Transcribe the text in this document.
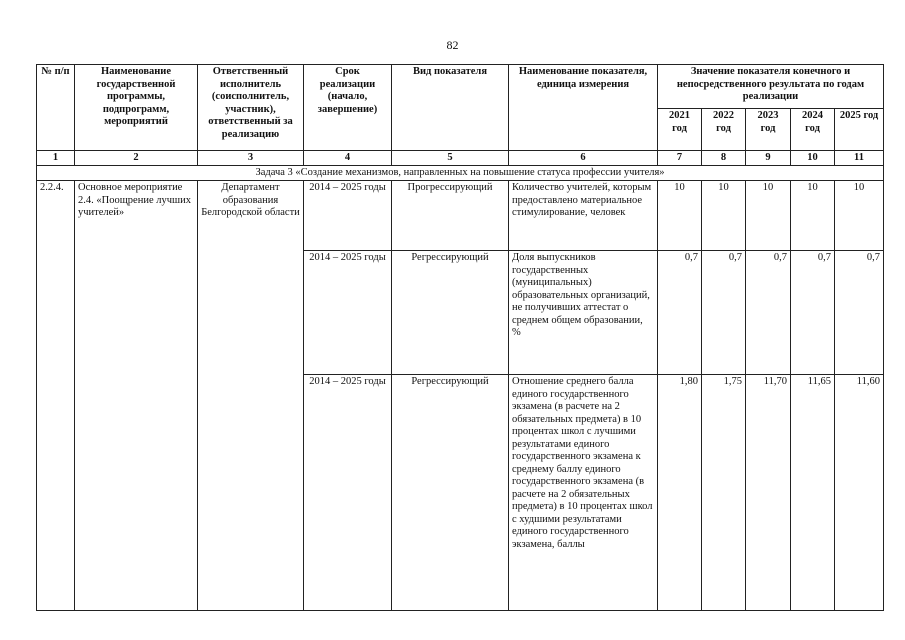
82
№ п/п	Наименование государственной программы, подпрограмм, мероприятий	Ответственный исполнитель (соисполнитель, участник), ответственный за реализацию	Срок реализации (начало, завершение)	Вид показателя	Наименование показателя, единица измерения	Значение показателя конечного и непосредственного результата по годам реализации				
						2021 год	2022 год	2023 год	2024 год	2025 год
1	2	3	4	5	6	7	8	9	10	11
Задача 3 «Создание механизмов, направленных на повышение статуса профессии учителя»										
2.2.4.	Основное мероприятие 2.4. «Поощрение лучших учителей»	Департамент образования Белгородской области	2014 – 2025 годы	Прогрессирующий	Количество учителей, которым предоставлено материальное стимулирование, человек	10	10	10	10	10
			2014 – 2025 годы	Регрессирующий	Доля выпускников государственных (муниципальных) образовательных организаций, не получивших аттестат о среднем общем образовании, %	0,7	0,7	0,7	0,7	0,7
			2014 – 2025 годы	Регрессирующий	Отношение среднего балла единого государственного экзамена (в расчете на 2 обязательных предмета) в 10 процентах школ с лучшими результатами единого государственного экзамена к среднему баллу единого государственного экзамена (в расчете на 2 обязательных предмета) в 10 процентах школ с худшими результатами единого государственного экзамена, баллы	1,80	1,75	11,70	11,65	11,60
